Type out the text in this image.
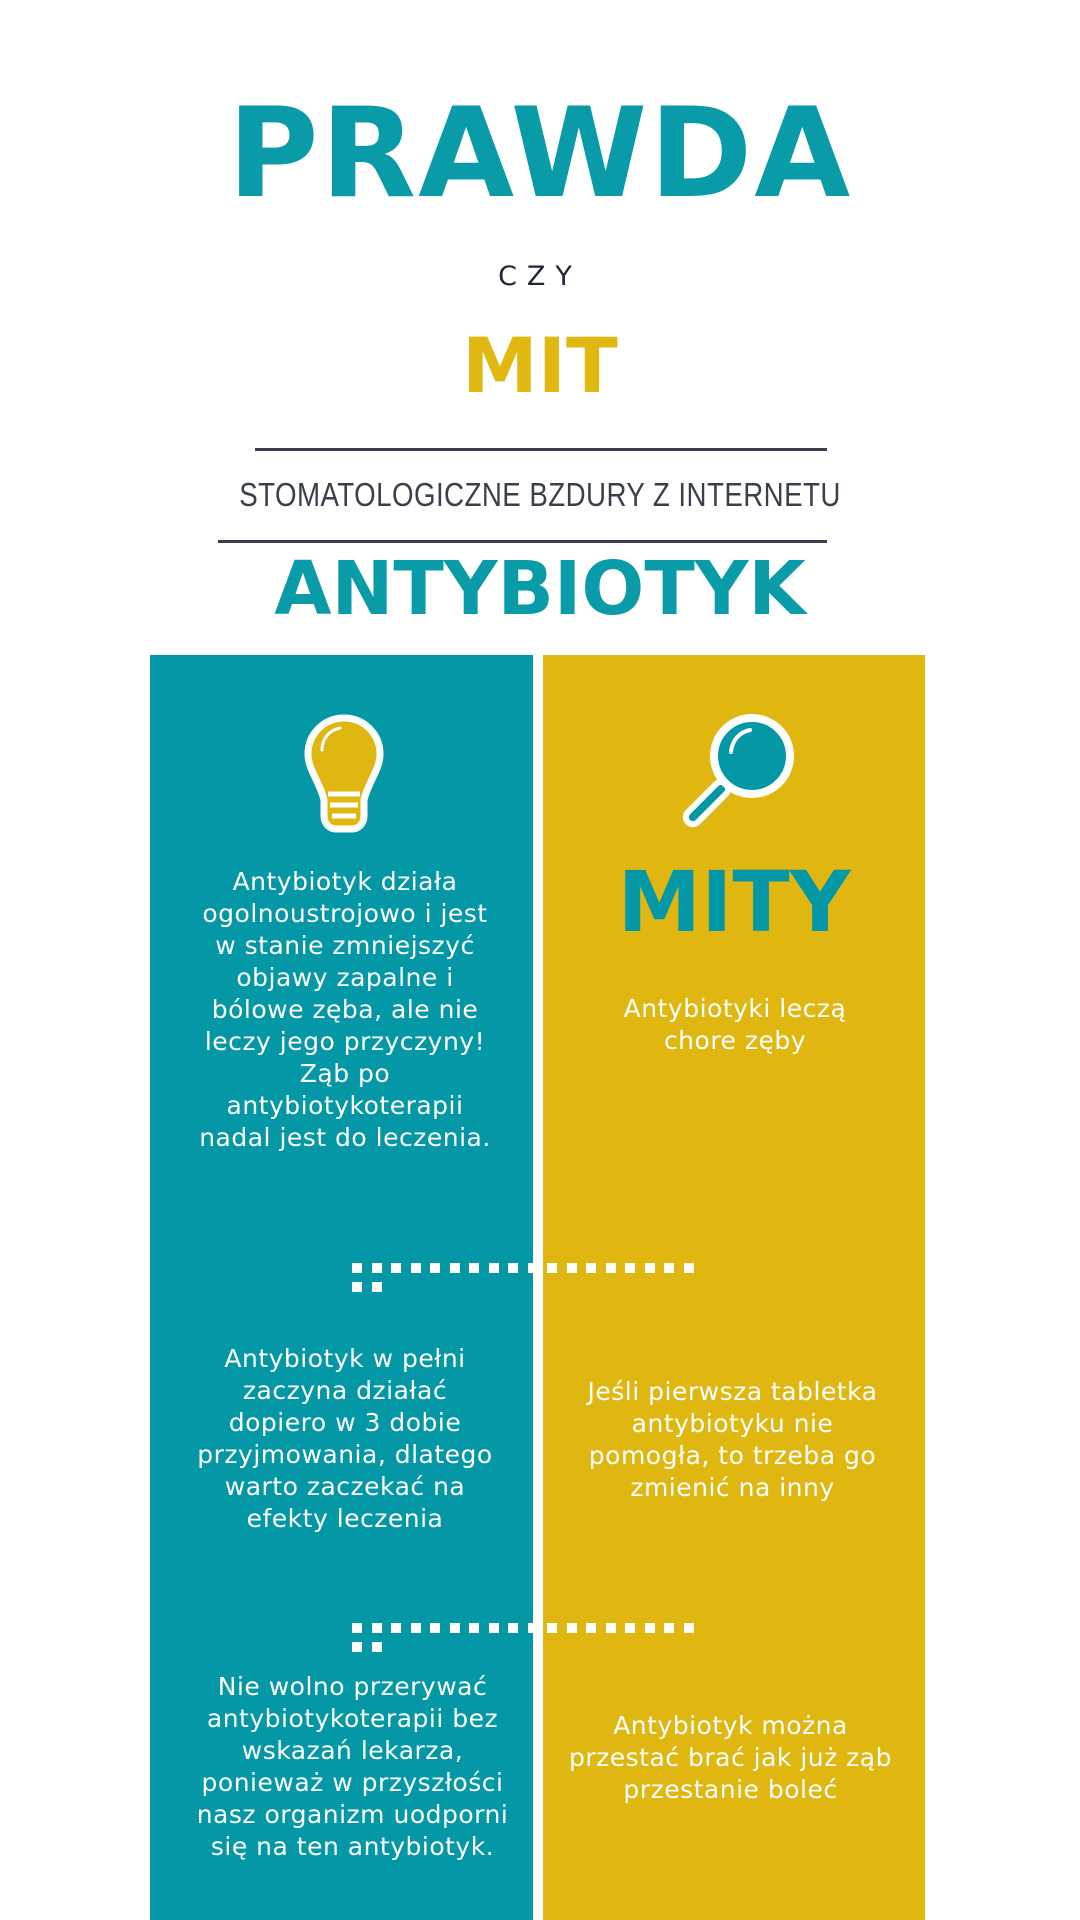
PRAWDA
CZY
MIT
STOMATOLOGICZNE BZDURY Z INTERNETU
ANTYBIOTYK
Antybiotyk działa ogolnoustrojowo i jest w stanie zmniejszyć objawy zapalne i bólowe zęba, ale nie leczy jego przyczyny! Ząb po antybiotykoterapii nadal jest do leczenia.
MITY
Antybiotyki leczą chore zęby
Antybiotyk w pełni zaczyna działać dopiero w 3 dobie przyjmowania, dlatego warto zaczekać na efekty leczenia
Jeśli pierwsza tabletka antybiotyku nie pomogła, to trzeba go zmienić na inny
Nie wolno przerywać antybiotykoterapii bez wskazań lekarza, ponieważ w przyszłości nasz organizm uodporni się na ten antybiotyk.
Antybiotyk można przestać brać jak już ząb przestanie boleć
